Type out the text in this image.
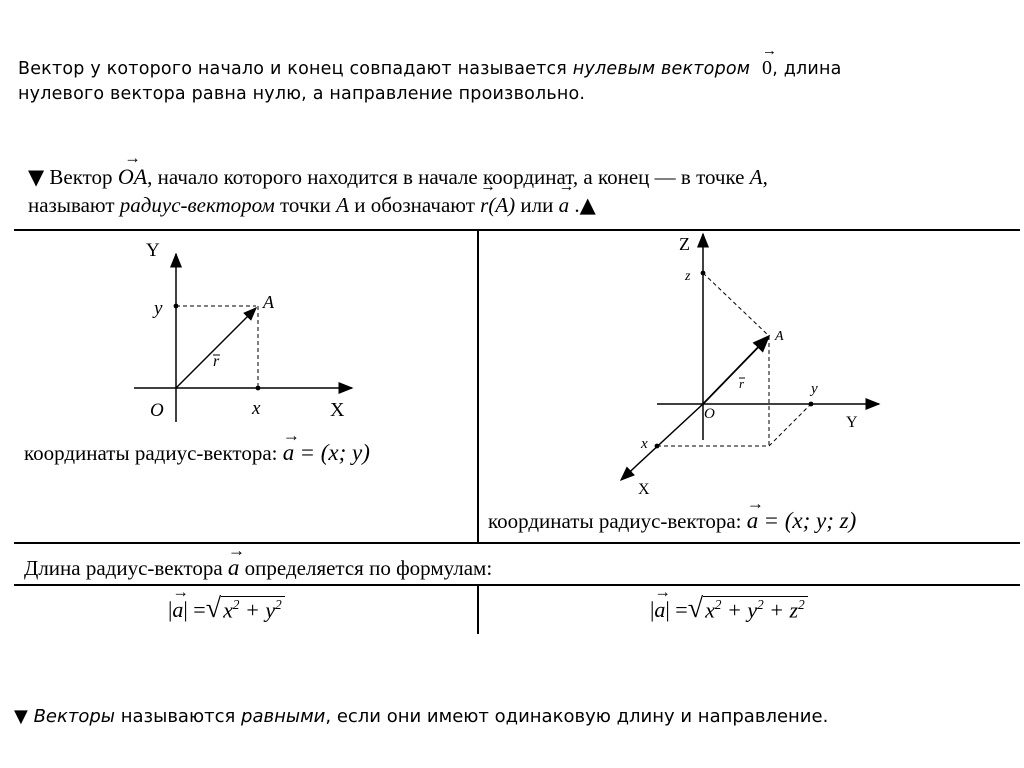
Вектор у которого начало и конец совпадают называется нулевым вектором → 0, длина
нулевого вектора равна нулю, а направление произвольно.
▼ Вектор → OA, начало которого находится в начале координат, а конец — в точке A,
называют радиус-вектором точки A и обозначают → r(A) или → a .▲
Y
X
O
y
x
A
r
координаты радиус-вектора: → a = (x; y)
Z
Y
X
O
z
y
x
A
r
координаты радиус-вектора: → a = (x; y; z)
Длина радиус-вектора → a определяется по формулам:
|→ $a| =√x^2 + y^2$	|→ $a| =√x^2 + y^2 + z^2$
▼ Векторы называются равными, если они имеют одинаковую длину и направление.
